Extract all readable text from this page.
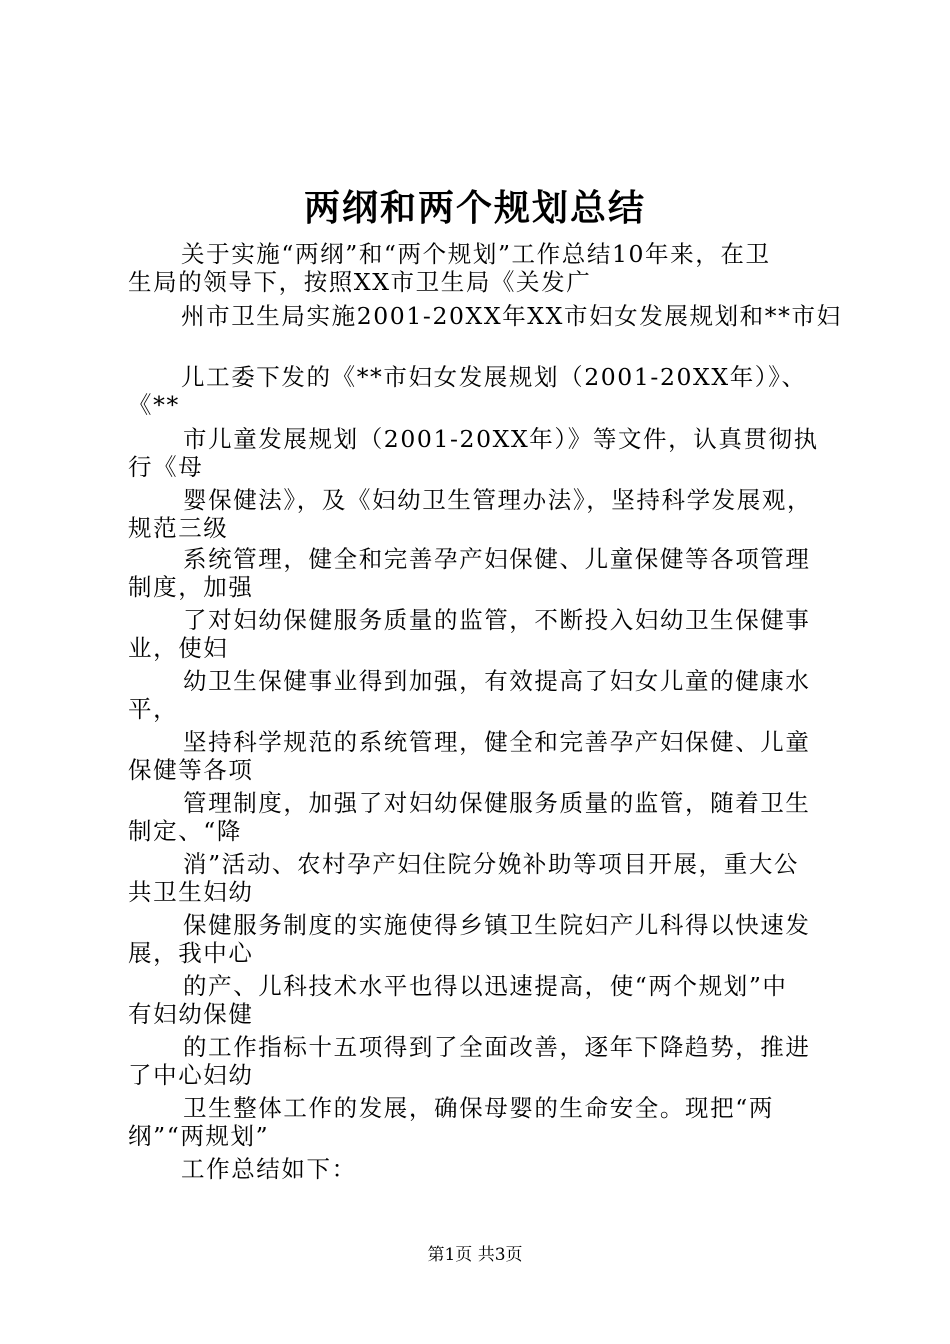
两纲和两个规划总结
关于实施“两纲”和“两个规划”工作总结10年来，在卫
生局的领导下，按照XX市卫生局《关发广
州市卫生局实施2001-20XX年XX市妇女发展规划和**市妇
儿工委下发的《**市妇女发展规划（2001-20XX年）》、
《**
市儿童发展规划（2001-20XX年）》等文件，认真贯彻执
行《母
婴保健法》，及《妇幼卫生管理办法》，坚持科学发展观，
规范三级
系统管理，健全和完善孕产妇保健、儿童保健等各项管理
制度，加强
了对妇幼保健服务质量的监管，不断投入妇幼卫生保健事
业，使妇
幼卫生保健事业得到加强，有效提高了妇女儿童的健康水
平，
坚持科学规范的系统管理，健全和完善孕产妇保健、儿童
保健等各项
管理制度，加强了对妇幼保健服务质量的监管，随着卫生
制定、“降
消”活动、农村孕产妇住院分娩补助等项目开展，重大公
共卫生妇幼
保健服务制度的实施使得乡镇卫生院妇产儿科得以快速发
展，我中心
的产、儿科技术水平也得以迅速提高，使“两个规划”中
有妇幼保健
的工作指标十五项得到了全面改善，逐年下降趋势，推进
了中心妇幼
卫生整体工作的发展，确保母婴的生命安全。现把“两
纲”“两规划”
工作总结如下：
第1页 共3页
